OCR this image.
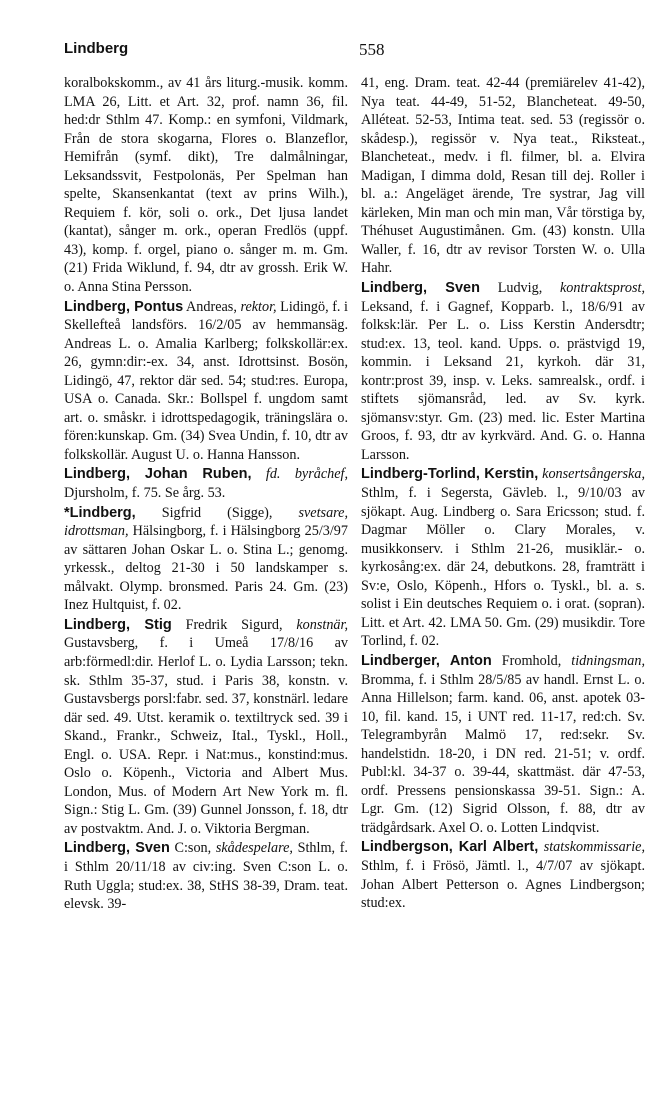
Lindberg	558

koralbokskomm., av 41 års liturg.-musik. komm. LMA 26, Litt. et Art. 32, prof. namn 36, fil. hed:dr Sthlm 47. Komp.: en symfoni, Vildmark, Från de stora skogarna, Flores o. Blanzeflor, Hemifrån (symf. dikt), Tre dalmålningar, Leksandssvit, Festpolonäs, Per Spelman han spelte, Skansenkantat (text av prins Wilh.), Requiem f. kör, soli o. ork., Det ljusa landet (kantat), sånger m. ork., operan Fredlös (uppf. 43), komp. f. orgel, piano o. sånger m. m. Gm. (21) Frida Wiklund, f. 94, dtr av grossh. Erik W. o. Anna Stina Persson.

Lindberg, Pontus Andreas, rektor, Lidingö, f. i Skellefteå landsförs. 16/2/05 av hemmansäg. Andreas L. o. Amalia Karlberg; folkskollär:ex. 26, gymn:dir:-ex. 34, anst. Idrottsinst. Bosön, Lidingö, 47, rektor där sed. 54; stud:res. Europa, USA o. Canada. Skr.: Bollspel f. ungdom samt art. o. småskr. i idrottspedagogik, träningslära o. fören:kunskap. Gm. (34) Svea Undin, f. 10, dtr av folkskollär. August U. o. Hanna Hansson.

Lindberg, Johan Ruben, fd. byråchef, Djursholm, f. 75. Se årg. 53.

*Lindberg, Sigfrid (Sigge), svetsare, idrottsman, Hälsingborg, f. i Hälsingborg 25/3/97 av sättaren Johan Oskar L. o. Stina L.; genomg. yrkessk., deltog 21-30 i 50 landskamper s. målvakt. Olymp. bronsmed. Paris 24. Gm. (23) Inez Hultquist, f. 02.

Lindberg, Stig Fredrik Sigurd, konstnär, Gustavsberg, f. i Umeå 17/8/16 av arb:förmedl:dir. Herlof L. o. Lydia Larsson; tekn. sk. Sthlm 35-37, stud. i Paris 38, konstn. v. Gustavsbergs porsl:fabr. sed. 37, konstnärl. ledare där sed. 49. Utst. keramik o. textiltryck sed. 39 i Skand., Frankr., Schweiz, Ital., Tyskl., Holl., Engl. o. USA. Repr. i Nat:mus., konstind:mus. Oslo o. Köpenh., Victoria and Albert Mus. London, Mus. of Modern Art New York m. fl. Sign.: Stig L. Gm. (39) Gunnel Jonsson, f. 18, dtr av postvaktm. And. J. o. Viktoria Bergman.

Lindberg, Sven C:son, skådespelare, Sthlm, f. i Sthlm 20/11/18 av civ:ing. Sven C:son L. o. Ruth Uggla; stud:ex. 38, StHS 38-39, Dram. teat. elevsk. 39-

41, eng. Dram. teat. 42-44 (premiärelev 41-42), Nya teat. 44-49, 51-52, Blancheteat. 49-50, Alléteat. 52-53, Intima teat. sed. 53 (regissör o. skådesp.), regissör v. Nya teat., Riksteat., Blancheteat., medv. i fl. filmer, bl. a. Elvira Madigan, I dimma dold, Resan till dej. Roller i bl. a.: Angeläget ärende, Tre systrar, Jag vill kärleken, Min man och min man, Vår törstiga by, Théhuset Augustimånen. Gm. (43) konstn. Ulla Waller, f. 16, dtr av revisor Torsten W. o. Ulla Hahr.

Lindberg, Sven Ludvig, kontraktsprost, Leksand, f. i Gagnef, Kopparb. l., 18/6/91 av folksk:lär. Per L. o. Liss Kerstin Andersdtr; stud:ex. 13, teol. kand. Upps. o. prästvigd 19, kommin. i Leksand 21, kyrkoh. där 31, kontr:prost 39, insp. v. Leks. samrealsk., ordf. i stiftets sjömansråd, led. av Sv. kyrk. sjömansv:styr. Gm. (23) med. lic. Ester Martina Groos, f. 93, dtr av kyrkvärd. And. G. o. Hanna Larsson.

Lindberg-Torlind, Kerstin, konsertsångerska, Sthlm, f. i Segersta, Gävleb. l., 9/10/03 av sjökapt. Aug. Lindberg o. Sara Ericsson; stud. f. Dagmar Möller o. Clary Morales, v. musikkonserv. i Sthlm 21-26, musiklär.- o. kyrkosång:ex. där 24, debutkons. 28, framträtt i Sv:e, Oslo, Köpenh., Hfors o. Tyskl., bl. a. s. solist i Ein deutsches Requiem o. i orat. (sopran). Litt. et Art. 42. LMA 50. Gm. (29) musikdir. Tore Torlind, f. 02.

Lindberger, Anton Fromhold, tidningsman, Bromma, f. i Sthlm 28/5/85 av handl. Ernst L. o. Anna Hillelson; farm. kand. 06, anst. apotek 03-10, fil. kand. 15, i UNT red. 11-17, red:ch. Sv. Telegrambyrån Malmö 17, red:sekr. Sv. handelstidn. 18-20, i DN red. 21-51; v. ordf. Publ:kl. 34-37 o. 39-44, skattmäst. där 47-53, ordf. Pressens pensionskassa 39-51. Sign.: A. Lgr. Gm. (12) Sigrid Olsson, f. 88, dtr av trädgårdsark. Axel O. o. Lotten Lindqvist.

Lindbergson, Karl Albert, statskommissarie, Sthlm, f. i Frösö, Jämtl. l., 4/7/07 av sjökapt. Johan Albert Petterson o. Agnes Lindbergson; stud:ex.
